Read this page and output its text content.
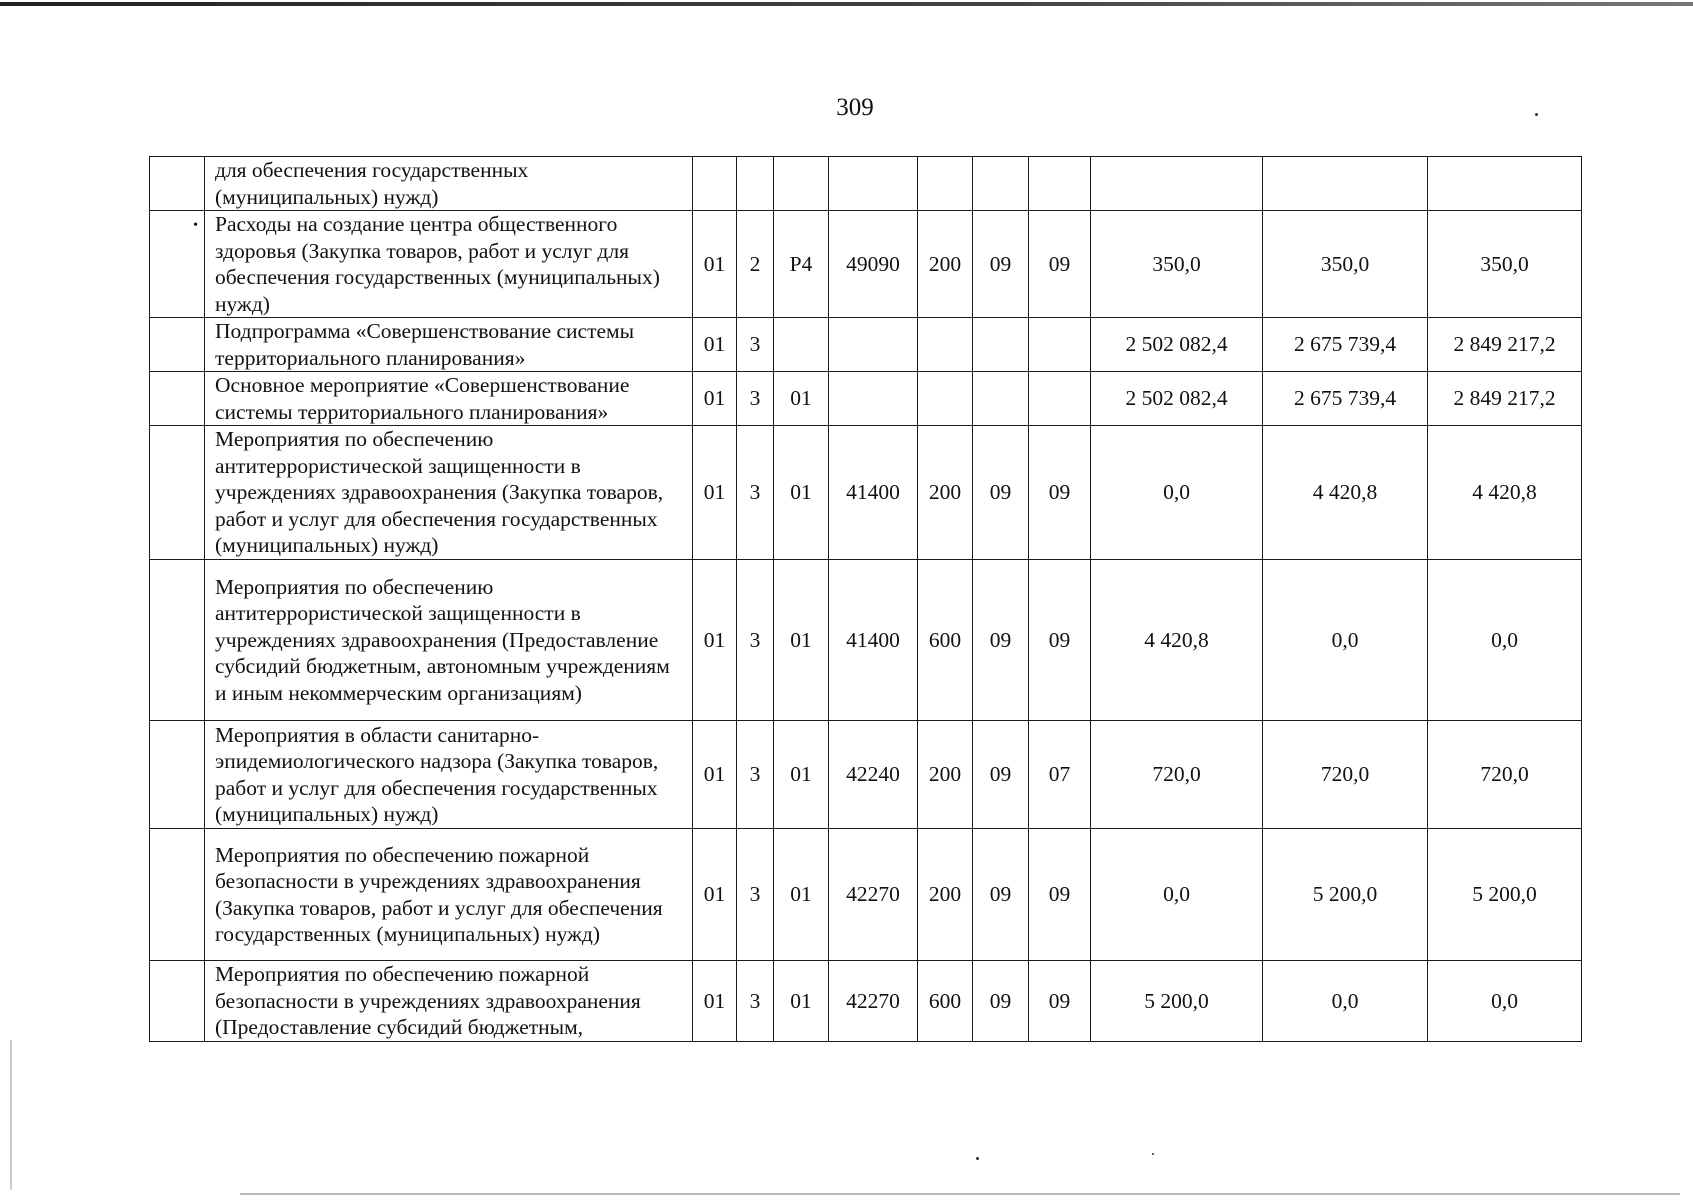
309
	для обеспечения государственных (муниципальных) нужд)										

•	Расходы на создание центра общественного здоровья (Закупка товаров, работ и услуг для обеспечения государственных (муниципальных) нужд)	01	2	P4	49090	200	09	09	350,0	350,0	350,0
	Подпрограмма «Совершенствование системы территориального планирования»	01	3						2 502 082,4	2 675 739,4	2 849 217,2
	Основное мероприятие «Совершенствование системы территориального планирования»	01	3	01					2 502 082,4	2 675 739,4	2 849 217,2
	Мероприятия по обеспечению антитеррористической защищенности в учреждениях здравоохранения (Закупка товаров, работ и услуг для обеспечения государственных (муниципальных) нужд)	01	3	01	41400	200	09	09	0,0	4 420,8	4 420,8
	Мероприятия по обеспечению антитеррористической защищенности в учреждениях здравоохранения (Предоставление субсидий бюджетным, автономным учреждениям и иным некоммерческим организациям)	01	3	01	41400	600	09	09	4 420,8	0,0	0,0
	Мероприятия в области санитарно-эпидемиологического надзора (Закупка товаров, работ и услуг для обеспечения государственных (муниципальных) нужд)	01	3	01	42240	200	09	07	720,0	720,0	720,0
	Мероприятия по обеспечению пожарной безопасности в учреждениях здравоохранения (Закупка товаров, работ и услуг для обеспечения государственных (муниципальных) нужд)	01	3	01	42270	200	09	09	0,0	5 200,0	5 200,0
	Мероприятия по обеспечению пожарной безопасности в учреждениях здравоохранения (Предоставление субсидий бюджетным,	01	3	01	42270	600	09	09	5 200,0	0,0	0,0
